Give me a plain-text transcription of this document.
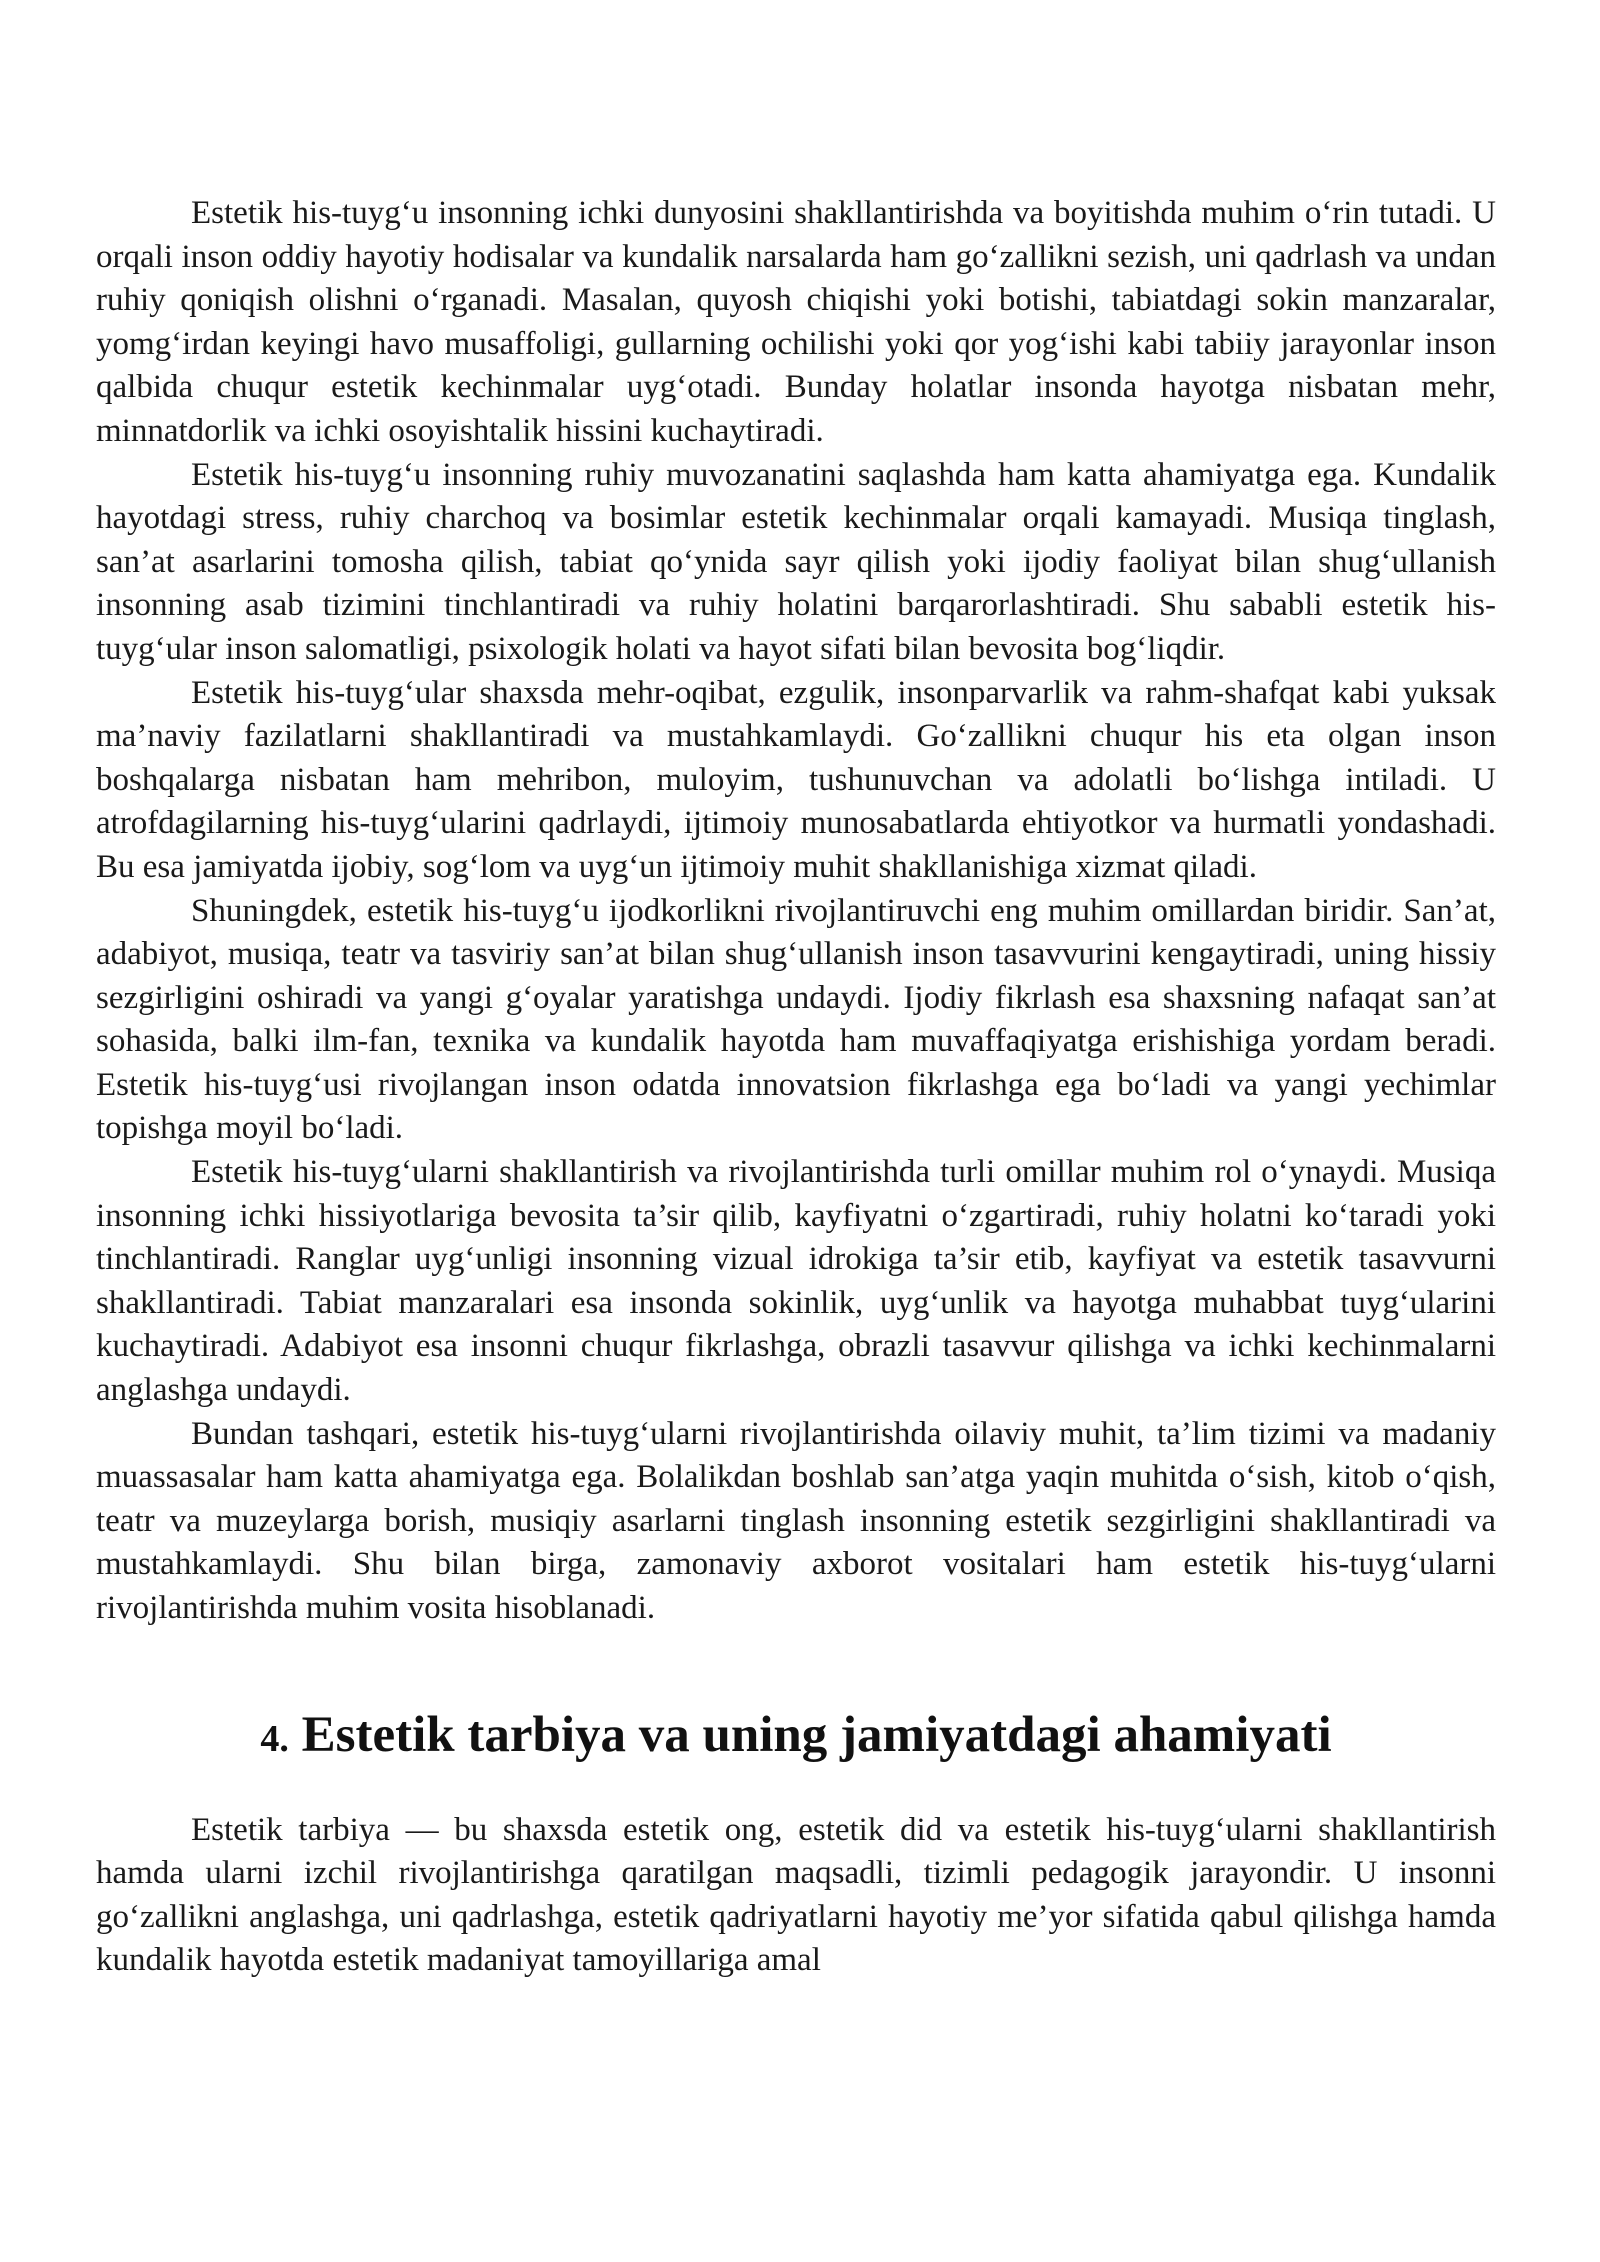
Estetik his-tuyg‘u insonning ichki dunyosini shakllantirishda va boyitishda muhim o‘rin tutadi. U orqali inson oddiy hayotiy hodisalar va kundalik narsalarda ham go‘zallikni sezish, uni qadrlash va undan ruhiy qoniqish olishni o‘rganadi. Masalan, quyosh chiqishi yoki botishi, tabiatdagi sokin manzaralar, yomg‘irdan keyingi havo musaffoligi, gullarning ochilishi yoki qor yog‘ishi kabi tabiiy jarayonlar inson qalbida chuqur estetik kechinmalar uyg‘otadi. Bunday holatlar insonda hayotga nisbatan mehr, minnatdorlik va ichki osoyishtalik hissini kuchaytiradi.

Estetik his-tuyg‘u insonning ruhiy muvozanatini saqlashda ham katta ahamiyatga ega. Kundalik hayotdagi stress, ruhiy charchoq va bosimlar estetik kechinmalar orqali kamayadi. Musiqa tinglash, san’at asarlarini tomosha qilish, tabiat qo‘ynida sayr qilish yoki ijodiy faoliyat bilan shug‘ullanish insonning asab tizimini tinchlantiradi va ruhiy holatini barqarorlashtiradi. Shu sababli estetik his-tuyg‘ular inson salomatligi, psixologik holati va hayot sifati bilan bevosita bog‘liqdir.

Estetik his-tuyg‘ular shaxsda mehr-oqibat, ezgulik, insonparvarlik va rahm-shafqat kabi yuksak ma’naviy fazilatlarni shakllantiradi va mustahkamlaydi. Go‘zallikni chuqur his eta olgan inson boshqalarga nisbatan ham mehribon, muloyim, tushunuvchan va adolatli bo‘lishga intiladi. U atrofdagilarning his-tuyg‘ularini qadrlaydi, ijtimoiy munosabatlarda ehtiyotkor va hurmatli yondashadi. Bu esa jamiyatda ijobiy, sog‘lom va uyg‘un ijtimoiy muhit shakllanishiga xizmat qiladi.

Shuningdek, estetik his-tuyg‘u ijodkorlikni rivojlantiruvchi eng muhim omillardan biridir. San’at, adabiyot, musiqa, teatr va tasviriy san’at bilan shug‘ullanish inson tasavvurini kengaytiradi, uning hissiy sezgirligini oshiradi va yangi g‘oyalar yaratishga undaydi. Ijodiy fikrlash esa shaxsning nafaqat san’at sohasida, balki ilm-fan, texnika va kundalik hayotda ham muvaffaqiyatga erishishiga yordam beradi. Estetik his-tuyg‘usi rivojlangan inson odatda innovatsion fikrlashga ega bo‘ladi va yangi yechimlar topishga moyil bo‘ladi.

Estetik his-tuyg‘ularni shakllantirish va rivojlantirishda turli omillar muhim rol o‘ynaydi. Musiqa insonning ichki hissiyotlariga bevosita ta’sir qilib, kayfiyatni o‘zgartiradi, ruhiy holatni ko‘taradi yoki tinchlantiradi. Ranglar uyg‘unligi insonning vizual idrokiga ta’sir etib, kayfiyat va estetik tasavvurni shakllantiradi. Tabiat manzaralari esa insonda sokinlik, uyg‘unlik va hayotga muhabbat tuyg‘ularini kuchaytiradi. Adabiyot esa insonni chuqur fikrlashga, obrazli tasavvur qilishga va ichki kechinmalarni anglashga undaydi.

Bundan tashqari, estetik his-tuyg‘ularni rivojlantirishda oilaviy muhit, ta’lim tizimi va madaniy muassasalar ham katta ahamiyatga ega. Bolalikdan boshlab san’atga yaqin muhitda o‘sish, kitob o‘qish, teatr va muzeylarga borish, musiqiy asarlarni tinglash insonning estetik sezgirligini shakllantiradi va mustahkamlaydi. Shu bilan birga, zamonaviy axborot vositalari ham estetik his-tuyg‘ularni rivojlantirishda muhim vosita hisoblanadi.

4. Estetik tarbiya va uning jamiyatdagi ahamiyati

Estetik tarbiya — bu shaxsda estetik ong, estetik did va estetik his-tuyg‘ularni shakllantirish hamda ularni izchil rivojlantirishga qaratilgan maqsadli, tizimli pedagogik jarayondir. U insonni go‘zallikni anglashga, uni qadrlashga, estetik qadriyatlarni hayotiy me’yor sifatida qabul qilishga hamda kundalik hayotda estetik madaniyat tamoyillariga amal
